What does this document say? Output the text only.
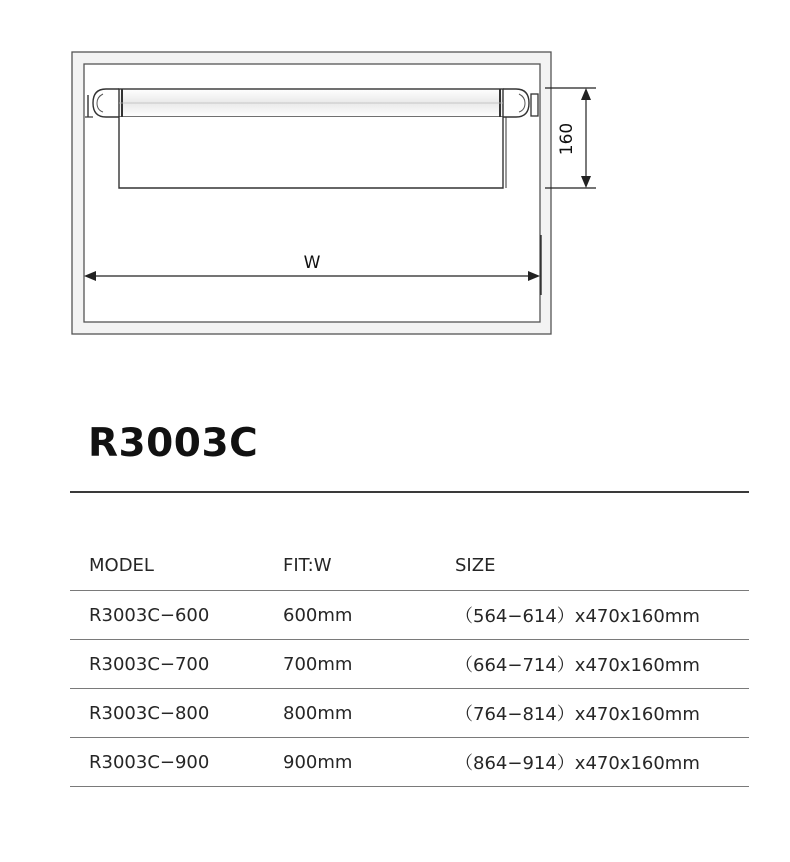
160
W
R3003C
MODEL	FIT:W	SIZE
R3003C−600	600mm	（564−614）x470x160mm
R3003C−700	700mm	（664−714）x470x160mm
R3003C−800	800mm	（764−814）x470x160mm
R3003C−900	900mm	（864−914）x470x160mm
